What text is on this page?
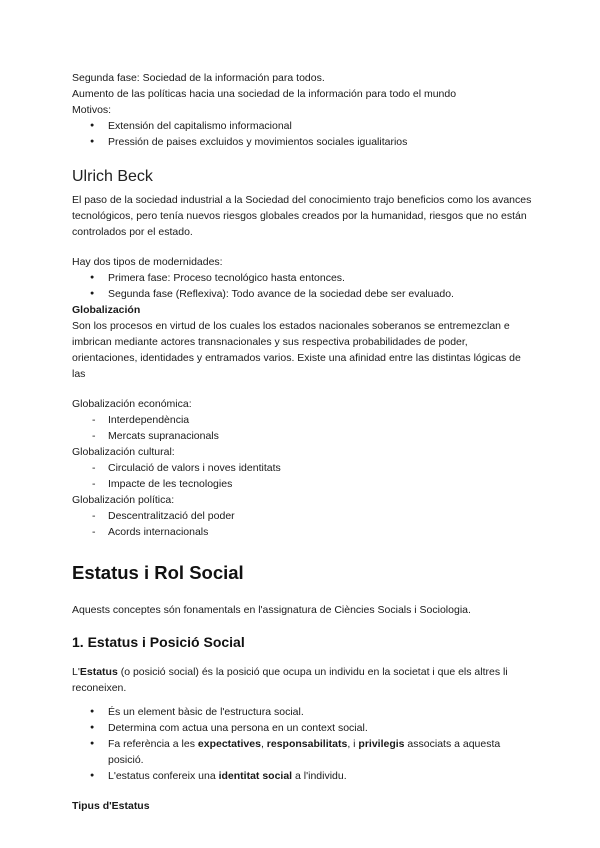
Segunda fase: Sociedad de la información para todos.

Aumento de las políticas hacia una sociedad de la información para todo el mundo

Motivos:

● Extensión del capitalismo informacional
● Pressión de paises excluidos y movimientos sociales igualitarios
Ulrich Beck

El paso de la sociedad industrial a la Sociedad del conocimiento trajo beneficios como los avances tecnológicos, pero tenía nuevos riesgos globales creados por la humanidad, riesgos que no están controlados por el estado.

Hay dos tipos de modernidades:

● Primera fase: Proceso tecnológico hasta entonces.
● Segunda fase (Reflexiva): Todo avance de la sociedad debe ser evaluado.

Globalización

Son los procesos en virtud de los cuales los estados nacionales soberanos se entremezclan e imbrican mediante actores transnacionales y sus respectiva probabilidades de poder, orientaciones, identidades y entramados varios. Existe una afinidad entre las distintas lógicas de las

Globalización económica:

- Interdependència
- Mercats supranacionals

Globalización cultural:

- Circulació de valors i noves identitats
- Impacte de les tecnologies

Globalización política:

- Descentralització del poder
- Acords internacionals
Estatus i Rol Social

Aquests conceptes són fonamentals en l'assignatura de Ciències Socials i Sociologia.

1. Estatus i Posició Social

L'Estatus (o posició social) és la posició que ocupa un individu en la societat i que els altres li reconeixen.

● És un element bàsic de l'estructura social.
● Determina com actua una persona en un context social.
● Fa referència a les expectatives, responsabilitats, i privilegis associats a aquesta posició.
● L'estatus confereix una identitat social a l'individu.

Tipus d'Estatus
